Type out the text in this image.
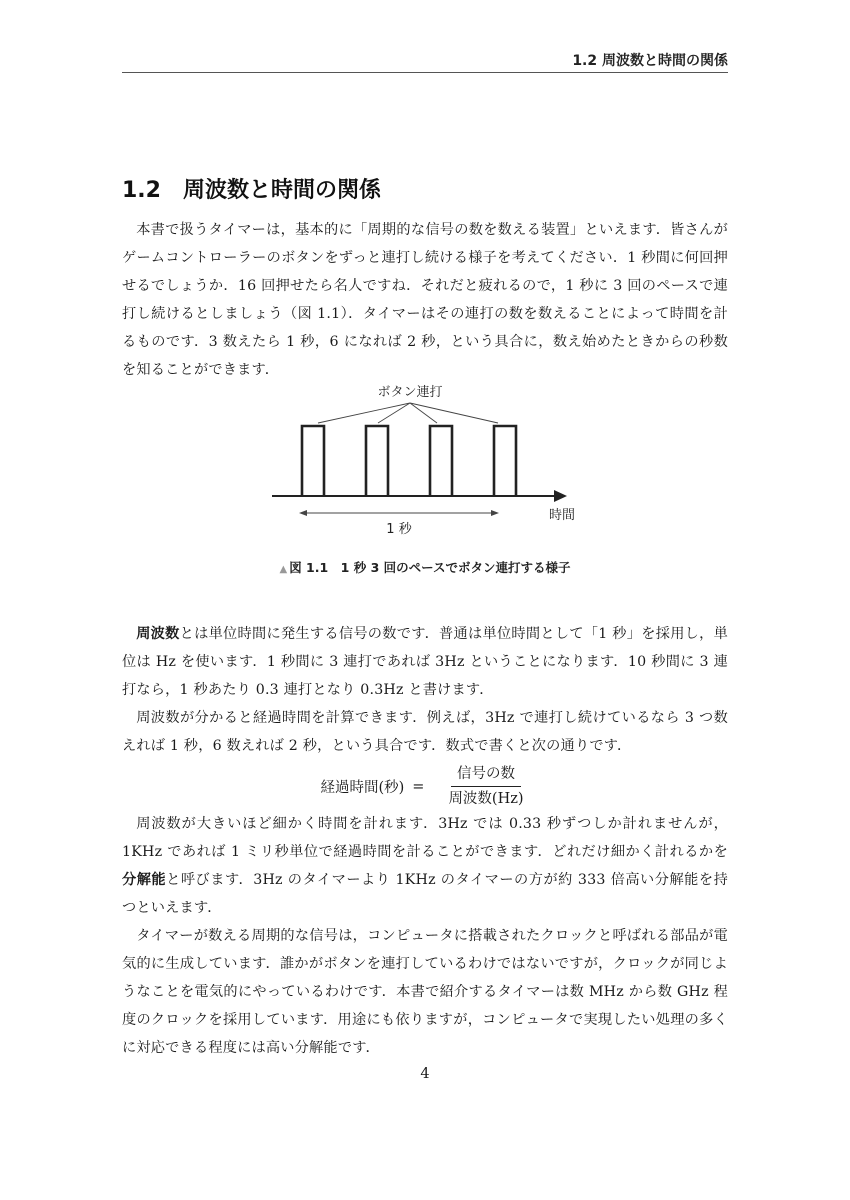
1.2 周波数と時間の関係
1.2 周波数と時間の関係

本書で扱うタイマーは，基本的に「周期的な信号の数を数える装置」といえます．皆さんがゲームコントローラーのボタンをずっと連打し続ける様子を考えてください．1 秒間に何回押せるでしょうか．16 回押せたら名人ですね．それだと疲れるので，1 秒に 3 回のペースで連打し続けるとしましょう（図 1.1）．タイマーはその連打の数を数えることによって時間を計るものです．3 数えたら 1 秒，6 になれば 2 秒，という具合に，数え始めたときからの秒数を知ることができます．

ボタン連打
時間
1 秒
▲ 図 1.1　1 秒 3 回のペースでボタン連打する様子

周波数とは単位時間に発生する信号の数です．普通は単位時間として「1 秒」を採用し，単位は Hz を使います．1 秒間に 3 連打であれば 3Hz ということになります．10 秒間に 3 連打なら，1 秒あたり 0.3 連打となり 0.3Hz と書けます．

周波数が分かると経過時間を計算できます．例えば，3Hz で連打し続けているなら 3 つ数えれば 1 秒，6 数えれば 2 秒，という具合です．数式で書くと次の通りです．

経過時間(秒) = $\frac{\text{信号の数}}{\text{周波数(Hz)}}$

周波数が大きいほど細かく時間を計れます．3Hz では 0.33 秒ずつしか計れませんが，1KHz であれば 1 ミリ秒単位で経過時間を計ることができます．どれだけ細かく計れるかを分解能と呼びます．3Hz のタイマーより 1KHz のタイマーの方が約 333 倍高い分解能を持つといえます．

タイマーが数える周期的な信号は，コンピュータに搭載されたクロックと呼ばれる部品が電気的に生成しています．誰かがボタンを連打しているわけではないですが，クロックが同じようなことを電気的にやっているわけです．本書で紹介するタイマーは数 MHz から数 GHz 程度のクロックを採用しています．用途にも依りますが，コンピュータで実現したい処理の多くに対応できる程度には高い分解能です．

4
